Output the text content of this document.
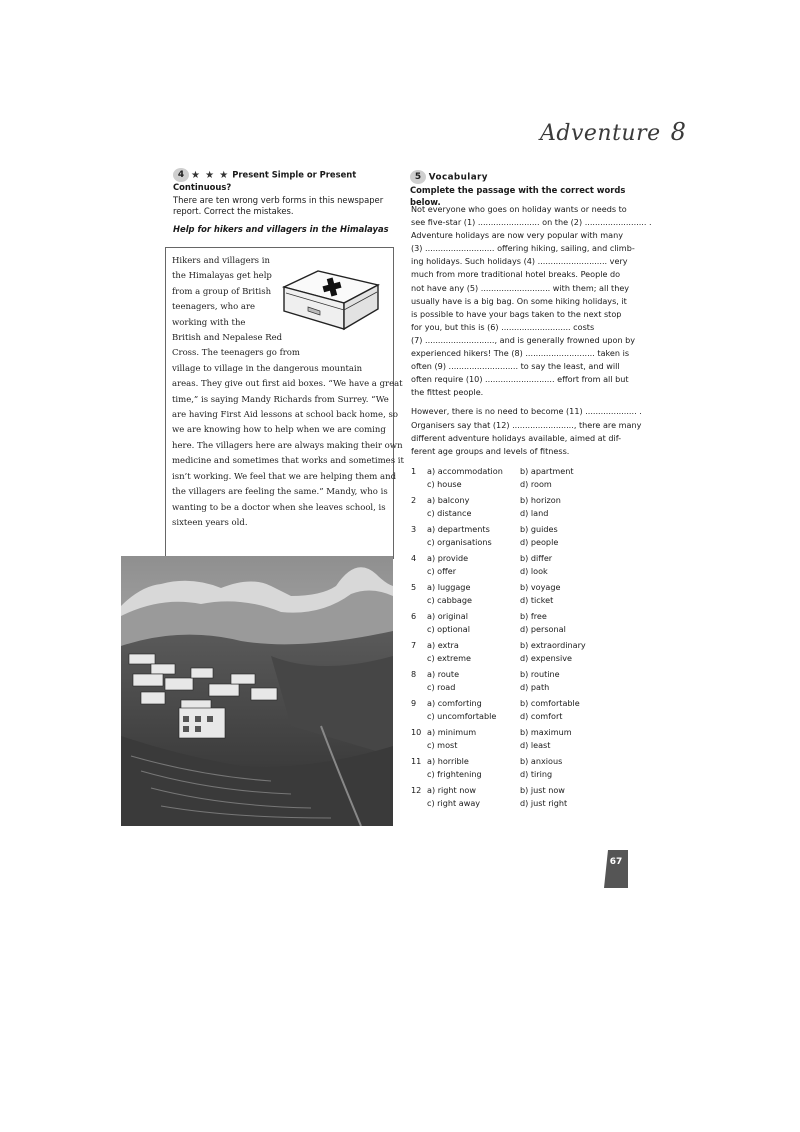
Adventure 8
4 ★ ★ ★ Present Simple or Present
Continuous?
There are ten wrong verb forms in this newspaper
report. Correct the mistakes.
Help for hikers and villagers in the Himalayas
Hikers and villagers in
the Himalayas get help
from a group of British
teenagers, who are
working with the
British and Nepalese Red
Cross. The teenagers go from
village to village in the dangerous mountain
areas. They give out first aid boxes. “We have a great
time,” is saying Mandy Richards from Surrey. “We
are having First Aid lessons at school back home, so
we are knowing how to help when we are coming
here. The villagers here are always making their own
medicine and sometimes that works and sometimes it
isn’t working. We feel that we are helping them and
the villagers are feeling the same.” Mandy, who is
wanting to be a doctor when she leaves school, is
sixteen years old.
5 Vocabulary
Complete the passage with the correct words below.
Not everyone who goes on holiday wants or needs to
see five-star (1) ........................ on the (2) ........................ .
Adventure holidays are now very popular with many
(3) ........................... offering hiking, sailing, and climb-
ing holidays. Such holidays (4) ........................... very
much from more traditional hotel breaks. People do
not have any (5) ........................... with them; all they
usually have is a big bag. On some hiking holidays, it
is possible to have your bags taken to the next stop
for you, but this is (6) ........................... costs
(7) ..........................., and is generally frowned upon by
experienced hikers! The (8) ........................... taken is
often (9) ........................... to say the least, and will
often require (10) ........................... effort from all but
the fittest people.
However, there is no need to become (11) .................... .
Organisers say that (12) ........................, there are many
different adventure holidays available, aimed at dif-
ferent age groups and levels of fitness.
1	a) accommodation b) apartment
c) house	d) room
2	a) balcony	b) horizon
c) distance	d) land
3	a) departments	b) guides
c) organisations	d) people
4	a) provide	b) differ
c) offer	d) look
5	a) luggage	b) voyage
c) cabbage	d) ticket
6	a) original	b) free
c) optional	d) personal
7	a) extra	b) extraordinary
c) extreme	d) expensive
8	a) route	b) routine
c) road	d) path
9	a) comforting	b) comfortable
c) uncomfortable	d) comfort
10 a) minimum	b) maximum
c) most	d) least
11 a) horrible	b) anxious
c) frightening	d) tiring
12 a) right now	b) just now
c) right away	d) just right
67
